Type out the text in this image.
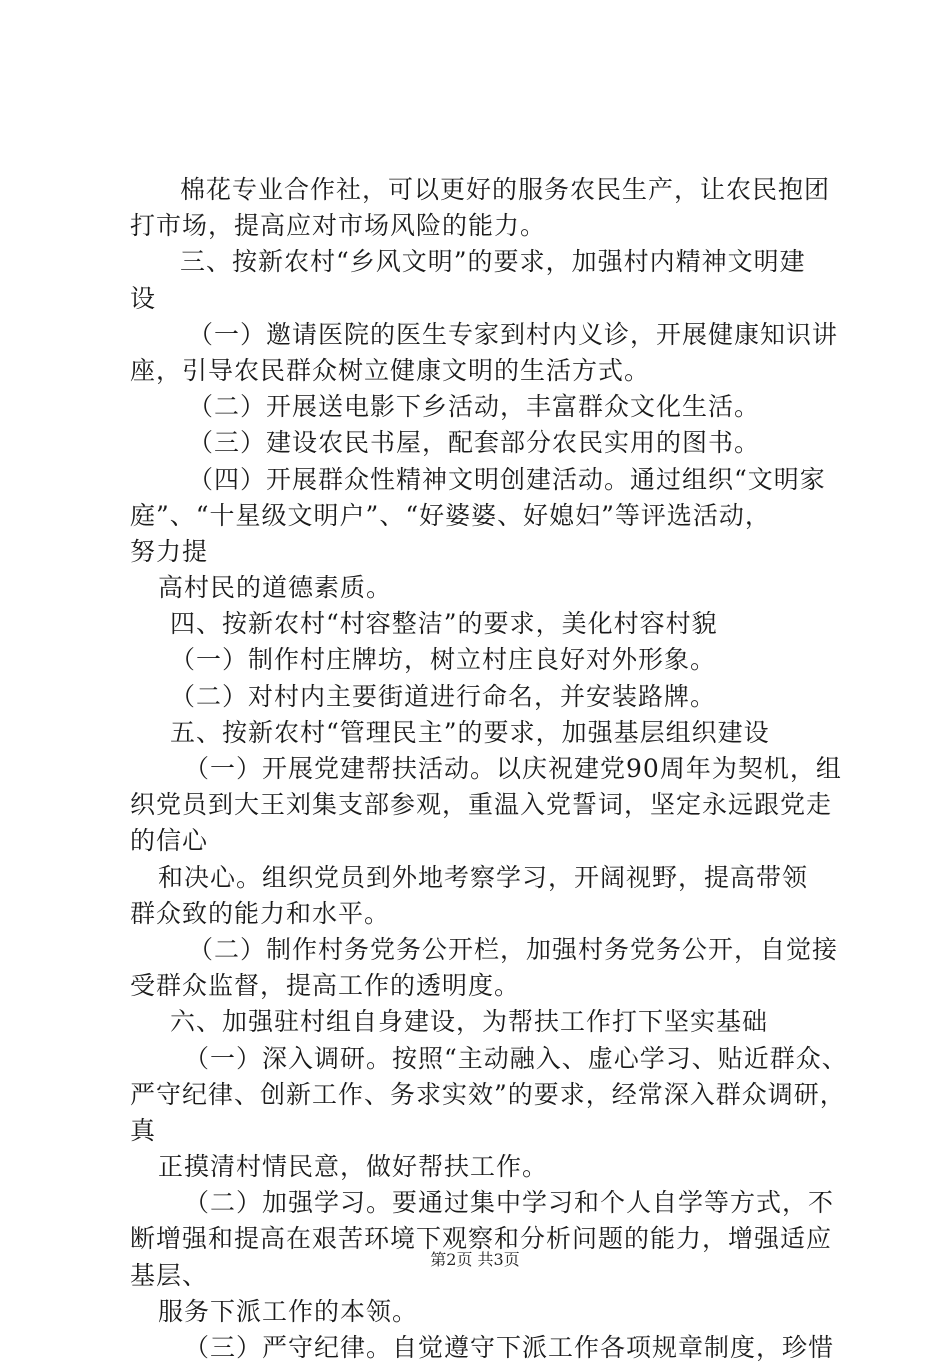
棉花专业合作社，可以更好的服务农民生产，让农民抱团
打市场，提高应对市场风险的能力。
三、按新农村“乡风文明”的要求，加强村内精神文明建
设
（一）邀请医院的医生专家到村内义诊，开展健康知识讲
座，引导农民群众树立健康文明的生活方式。
（二）开展送电影下乡活动，丰富群众文化生活。
（三）建设农民书屋，配套部分农民实用的图书。
（四）开展群众性精神文明创建活动。通过组织“文明家
庭”、“十星级文明户”、“好婆婆、好媳妇”等评选活动，
努力提
高村民的道德素质。
四、按新农村“村容整洁”的要求，美化村容村貌
（一）制作村庄牌坊，树立村庄良好对外形象。
（二）对村内主要街道进行命名，并安装路牌。
五、按新农村“管理民主”的要求，加强基层组织建设
（一）开展党建帮扶活动。以庆祝建党90周年为契机，组
织党员到大王刘集支部参观，重温入党誓词，坚定永远跟党走
的信心
和决心。组织党员到外地考察学习，开阔视野，提高带领
群众致的能力和水平。
（二）制作村务党务公开栏，加强村务党务公开，自觉接
受群众监督，提高工作的透明度。
六、加强驻村组自身建设，为帮扶工作打下坚实基础
（一）深入调研。按照“主动融入、虚心学习、贴近群众、
严守纪律、创新工作、务求实效”的要求，经常深入群众调研，
真
正摸清村情民意，做好帮扶工作。
（二）加强学习。要通过集中学习和个人自学等方式，不
断增强和提高在艰苦环境下观察和分析问题的能力，增强适应
基层、
服务下派工作的本领。
（三）严守纪律。自觉遵守下派工作各项规章制度，珍惜
第2页 共3页
